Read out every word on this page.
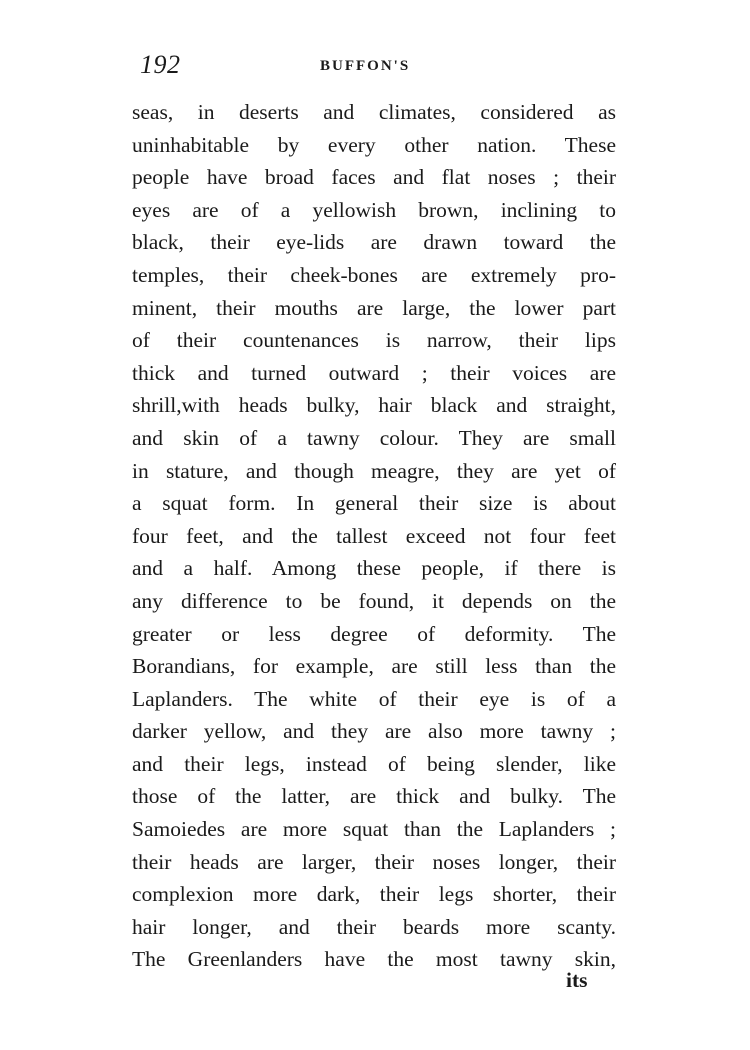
192	BUFFON'S
seas, in deserts and climates, considered as
uninhabitable by every other nation. These
people have broad faces and flat noses ; their
eyes are of a yellowish brown, inclining to
black, their eye-lids are drawn toward the
temples, their cheek-bones are extremely pro-
minent, their mouths are large, the lower part
of their countenances is narrow, their lips
thick and turned outward ; their voices are
shrill,with heads bulky, hair black and straight,
and skin of a tawny colour. They are small
in stature, and though meagre, they are yet of
a squat form. In general their size is about
four feet, and the tallest exceed not four feet
and a half. Among these people, if there is
any difference to be found, it depends on the
greater or less degree of deformity. The
Borandians, for example, are still less than the
Laplanders. The white of their eye is of a
darker yellow, and they are also more tawny ;
and their legs, instead of being slender, like
those of the latter, are thick and bulky. The
Samoiedes are more squat than the Laplanders ;
their heads are larger, their noses longer, their
complexion more dark, their legs shorter, their
hair longer, and their beards more scanty.
The Greenlanders have the most tawny skin,
its
